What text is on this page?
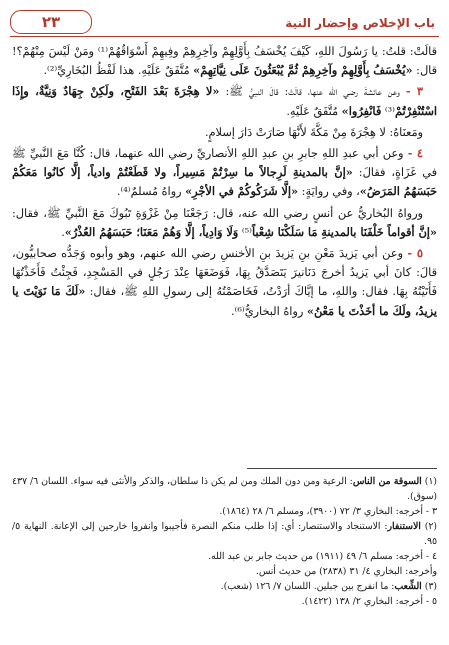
باب الإخلاص وإحضار النية
٢٣

قالَتْ: قلتُ: يا رَسُولَ اللهِ، كَيْفَ يُخْسَفُ بِأَوَّلِهِمْ وآخِرِهِمْ وفِيهِمْ أَسْوَاقُهُمْ⁽¹⁾ ومَنْ لَيْسَ مِنْهُمْ؟! قال: «يُخْسَفُ بِأَوَّلِهِمْ وآخِرِهِمْ ثُمَّ يُبْعَثُونَ عَلَى نِيَّاتِهِمْ» مُتَّفَقٌ عَلَيْهِ. هذا لَفْظُ البُخَارِيِّ⁽²⁾.

٣ - وعن عائشةَ رضي الله عنها، قالَتْ: قالَ النبيُّ ﷺ: «لا هِجْرَةَ بَعْدَ الفَتْحِ، ولَكِنْ جِهَادٌ وَنِيَّةٌ، وإِذَا اسْتُنْفِرْتُمْ⁽³⁾ فَانْفِرُوا» مُتَّفَقٌ عَلَيْهِ.

ومَعنَاهُ: لا هِجْرَةَ مِنْ مَكَّةَ لأَنَّهَا صَارَتْ دَارَ إسلامٍ.

٤ - وعن أبي عبدِ اللهِ جابرِ بنِ عبدِ اللهِ الأنصاريِّ رضي الله عنهما، قال: كُنَّا مَعَ النَّبيِّ ﷺ في غَزَاةٍ، فقالَ: «إنَّ بالمدينةِ لَرِجالاً ما سِرْتُمْ مَسِيراً، ولا قَطَعْتُمْ وادياً، إلَّا كانُوا مَعَكُمْ حَبَسَهُمُ المَرَضُ»، وفي روايَةٍ: «إلَّا شَرَكُوكُمْ في الأجْرِ» رواهُ مُسلمٌ⁽⁴⁾.

ورواهُ البُخاريُّ عن أنسٍ رضي الله عنه، قال: رَجَعْنَا مِنْ غَزْوَةِ تَبُوكَ مَعَ النَّبيِّ ﷺ، فقال: «إنَّ أقواماً خَلْفَنَا بالمدينةِ مَا سَلَكْنَا شِعْباً⁽⁵⁾ وَلَا وَادِياً، إلَّا وَهُمْ مَعَنَا؛ حَبَسَهُمُ العُذْرُ».

٥ - وعن أبي يَزيدَ مَعْنِ بنِ يَزيدَ بنِ الأخنسِ رضي الله عنهم، وهو وأبوه وَجَدُّه صحابيُّون، قالَ: كانَ أبي يَزيدُ أخرجَ دَنَانيرَ يَتَصَدَّقُ بِهَا، فَوَضَعَهَا عِنْدَ رَجُلٍ في المَسْجِدِ، فَجِئْتُ فَأَخَذْتُهَا فَأَتَيْتُهُ بِهَا. فقال: واللهِ، ما إيَّاكَ أرَدْتُ، فَخَاصَمْتُهُ إلى رسولِ اللهِ ﷺ، فقال: «لَكَ مَا نَوَيْتَ يا يزيدُ، ولَكَ ما أخَذْتَ يا مَعْنُ» رواهُ البخاريُّ⁽⁶⁾.

(١) السوقة من الناس: الرعية ومن دون الملك ومن لم يكن ذا سلطان، والذكر والأنثى فيه سواء. اللسان ٦/ ٤٣٧ (سوق).

٣ - أخرجه: البخاري ٣/ ٧٢ (٣٩٠٠)، ومسلم ٦/ ٢٨ (١٨٦٤).

(٢) الاستنفار: الاستنجاد والاستنصار: أي: إذا طلب منكم النصرة فأجيبوا وانفروا خارجين إلى الإعانة. النهاية ٥/ ٩٥.

٤ - أخرجه: مسلم ٦/ ٤٩ (١٩١١) من حديث جابر بن عبد الله.

وأخرجه: البخاري ٤/ ٣١ (٢٨٣٨) من حديث أنس.

(٣) الشِّعب: ما انفرج بين جبلين. اللسان ٧/ ١٢٦ (شعب).

٥ - أخرجه: البخاري ٢/ ١٣٨ (١٤٢٢).
